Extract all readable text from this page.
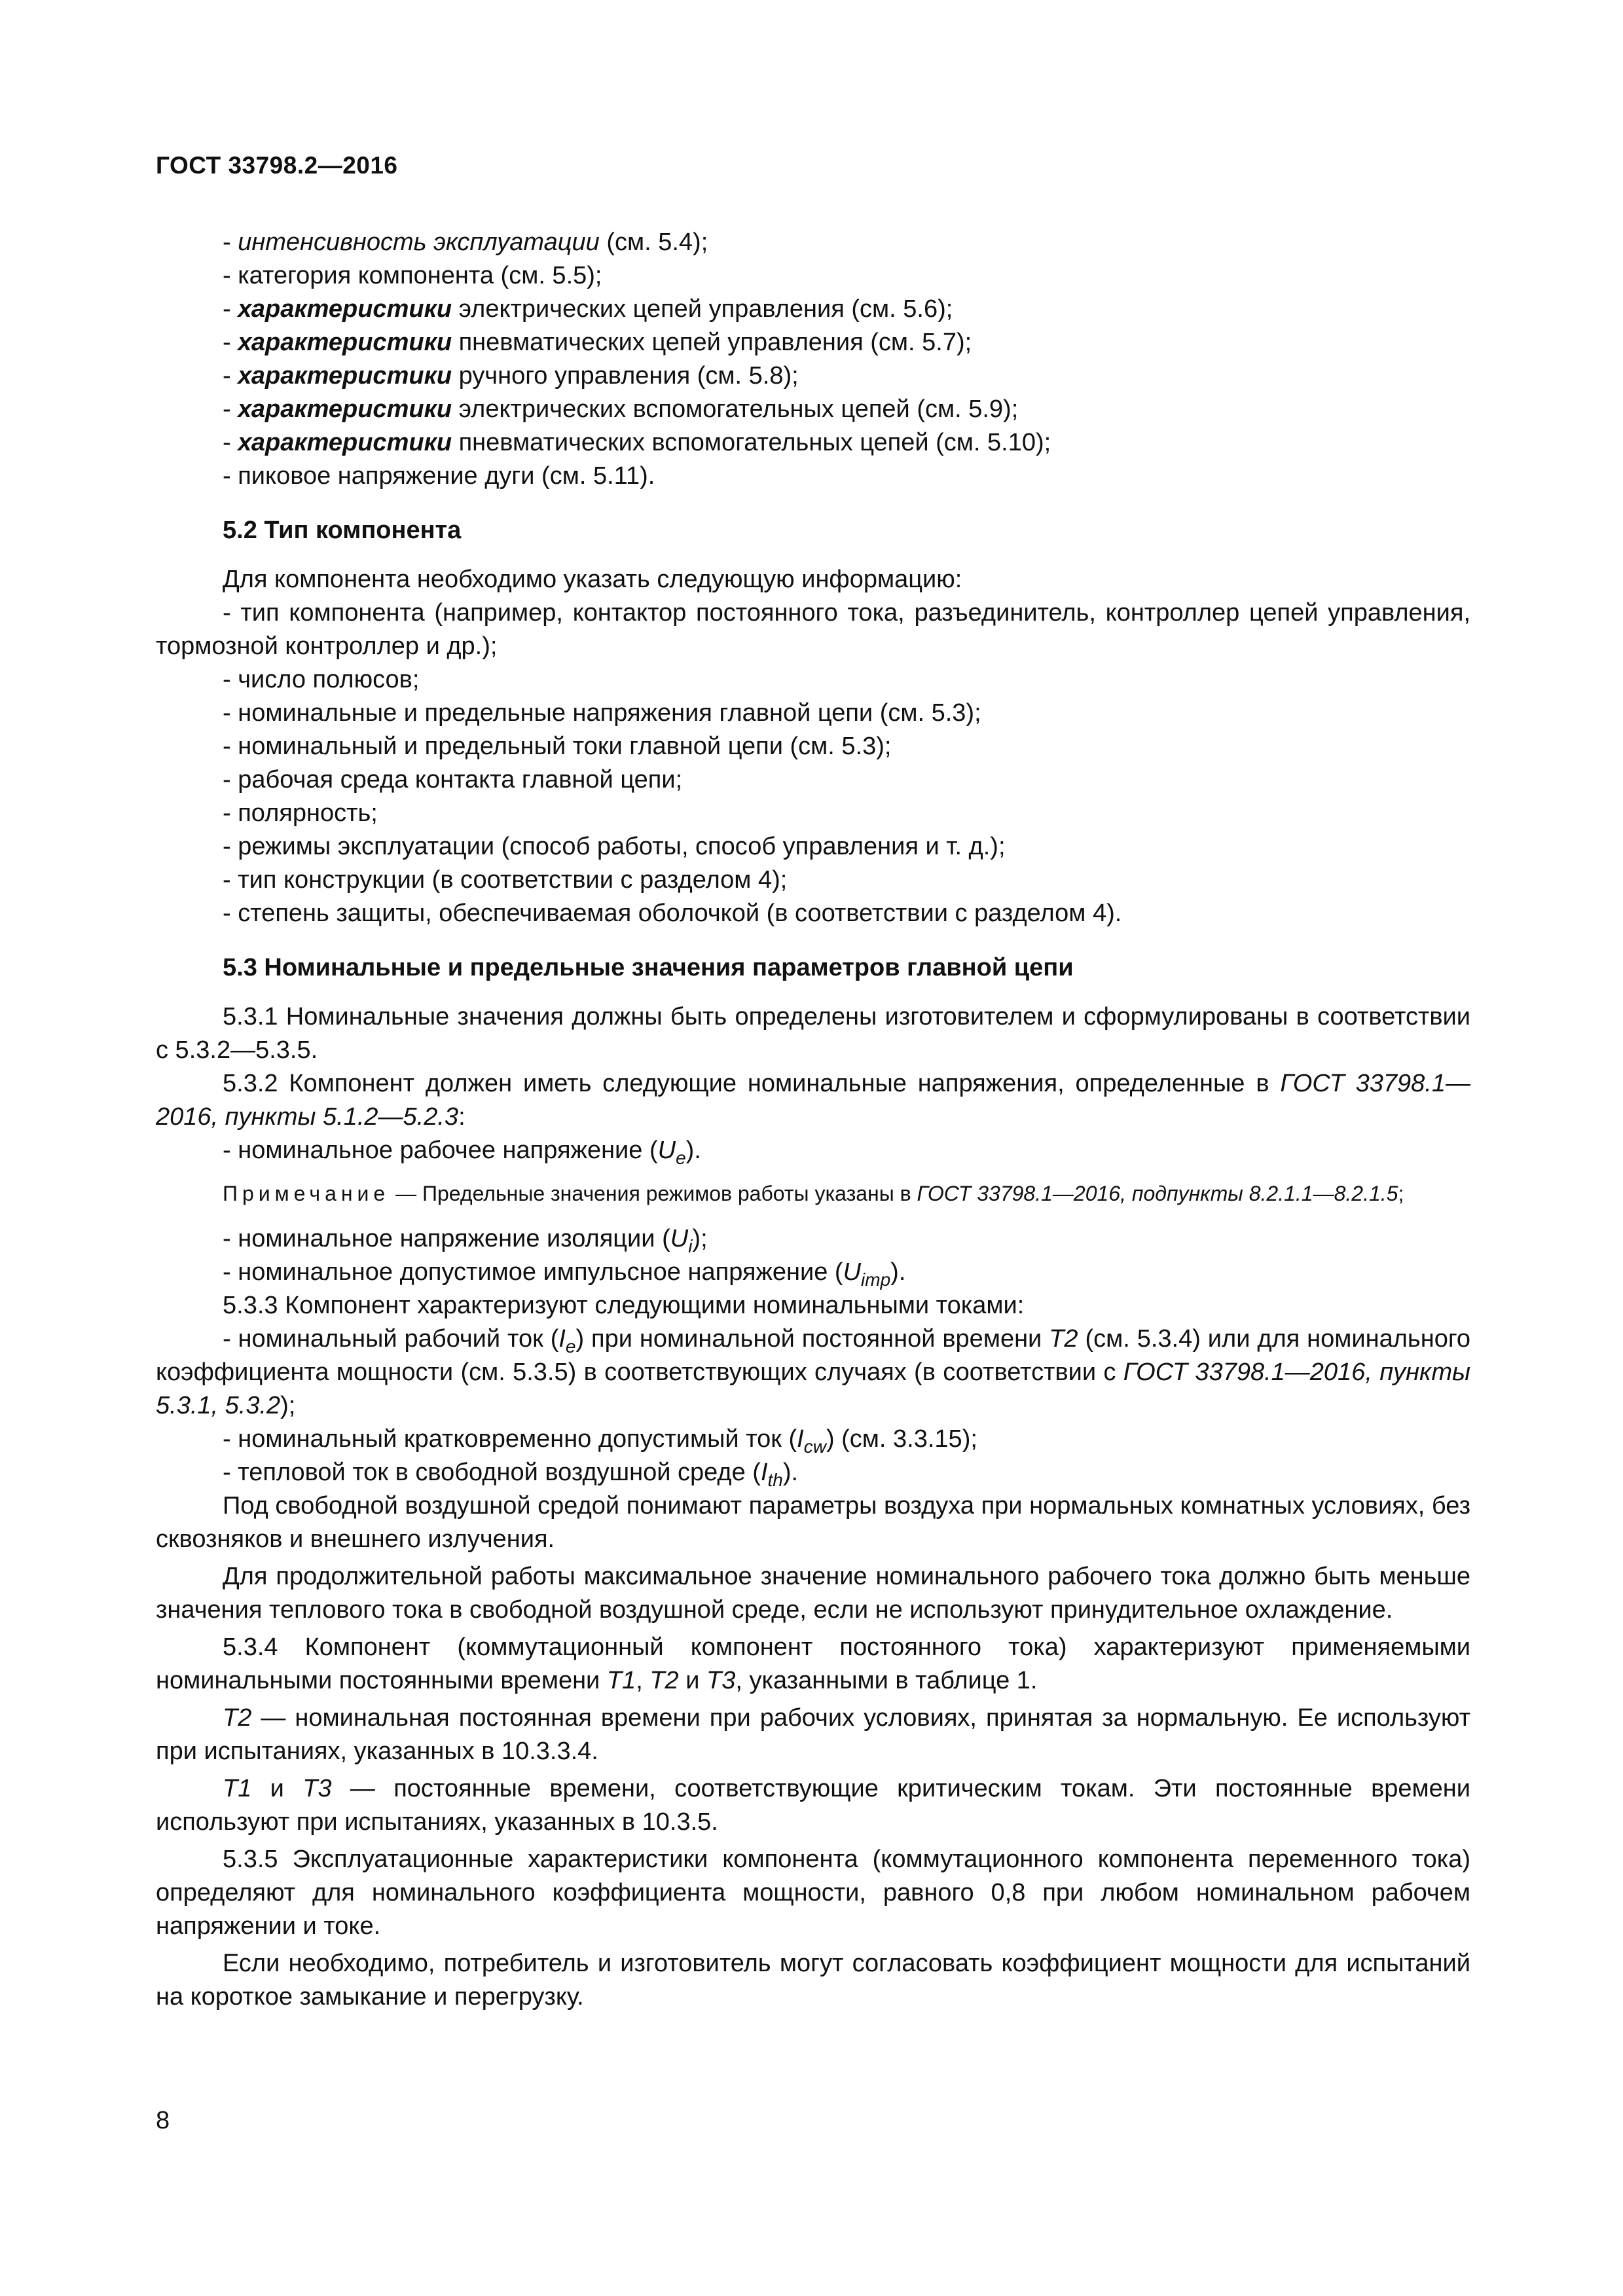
ГОСТ 33798.2—2016
- интенсивность эксплуатации (см. 5.4);
- категория компонента (см. 5.5);
- характеристики электрических цепей управления (см. 5.6);
- характеристики пневматических цепей управления (см. 5.7);
- характеристики ручного управления (см. 5.8);
- характеристики электрических вспомогательных цепей (см. 5.9);
- характеристики пневматических вспомогательных цепей (см. 5.10);
- пиковое напряжение дуги (см. 5.11).
5.2 Тип компонента
Для компонента необходимо указать следующую информацию:
- тип компонента (например, контактор постоянного тока, разъединитель, контроллер цепей управления, тормозной контроллер и др.);
- число полюсов;
- номинальные и предельные напряжения главной цепи (см. 5.3);
- номинальный и предельный токи главной цепи (см. 5.3);
- рабочая среда контакта главной цепи;
- полярность;
- режимы эксплуатации (способ работы, способ управления и т. д.);
- тип конструкции (в соответствии с разделом 4);
- степень защиты, обеспечиваемая оболочкой (в соответствии с разделом 4).
5.3 Номинальные и предельные значения параметров главной цепи
5.3.1 Номинальные значения должны быть определены изготовителем и сформулированы в соответствии с 5.3.2—5.3.5.
5.3.2 Компонент должен иметь следующие номинальные напряжения, определенные в ГОСТ 33798.1—2016, пункты 5.1.2—5.2.3:
- номинальное рабочее напряжение $(U_e)$.
Примечание — Предельные значения режимов работы указаны в ГОСТ 33798.1—2016, подпункты 8.2.1.1—8.2.1.5;
- номинальное напряжение изоляции $(U_i)$;
- номинальное допустимое импульсное напряжение $(U_{imp})$.
5.3.3 Компонент характеризуют следующими номинальными токами:
- номинальный рабочий ток $(I_e)$ при номинальной постоянной времени T2 (см. 5.3.4) или для номинального коэффициента мощности (см. 5.3.5) в соответствующих случаях (в соответствии с ГОСТ 33798.1—2016, пункты 5.3.1, 5.3.2);
- номинальный кратковременно допустимый ток $(I_{cw})$ (см. 3.3.15);
- тепловой ток в свободной воздушной среде $(I_{th})$.
Под свободной воздушной средой понимают параметры воздуха при нормальных комнатных условиях, без сквозняков и внешнего излучения.
Для продолжительной работы максимальное значение номинального рабочего тока должно быть меньше значения теплового тока в свободной воздушной среде, если не используют принудительное охлаждение.
5.3.4 Компонент (коммутационный компонент постоянного тока) характеризуют применяемыми номинальными постоянными времени T1, T2 и T3, указанными в таблице 1.
T2 — номинальная постоянная времени при рабочих условиях, принятая за нормальную. Ее используют при испытаниях, указанных в 10.3.3.4.
T1 и T3 — постоянные времени, соответствующие критическим токам. Эти постоянные времени используют при испытаниях, указанных в 10.3.5.
5.3.5 Эксплуатационные характеристики компонента (коммутационного компонента переменного тока) определяют для номинального коэффициента мощности, равного 0,8 при любом номинальном рабочем напряжении и токе.
Если необходимо, потребитель и изготовитель могут согласовать коэффициент мощности для испытаний на короткое замыкание и перегрузку.
8
